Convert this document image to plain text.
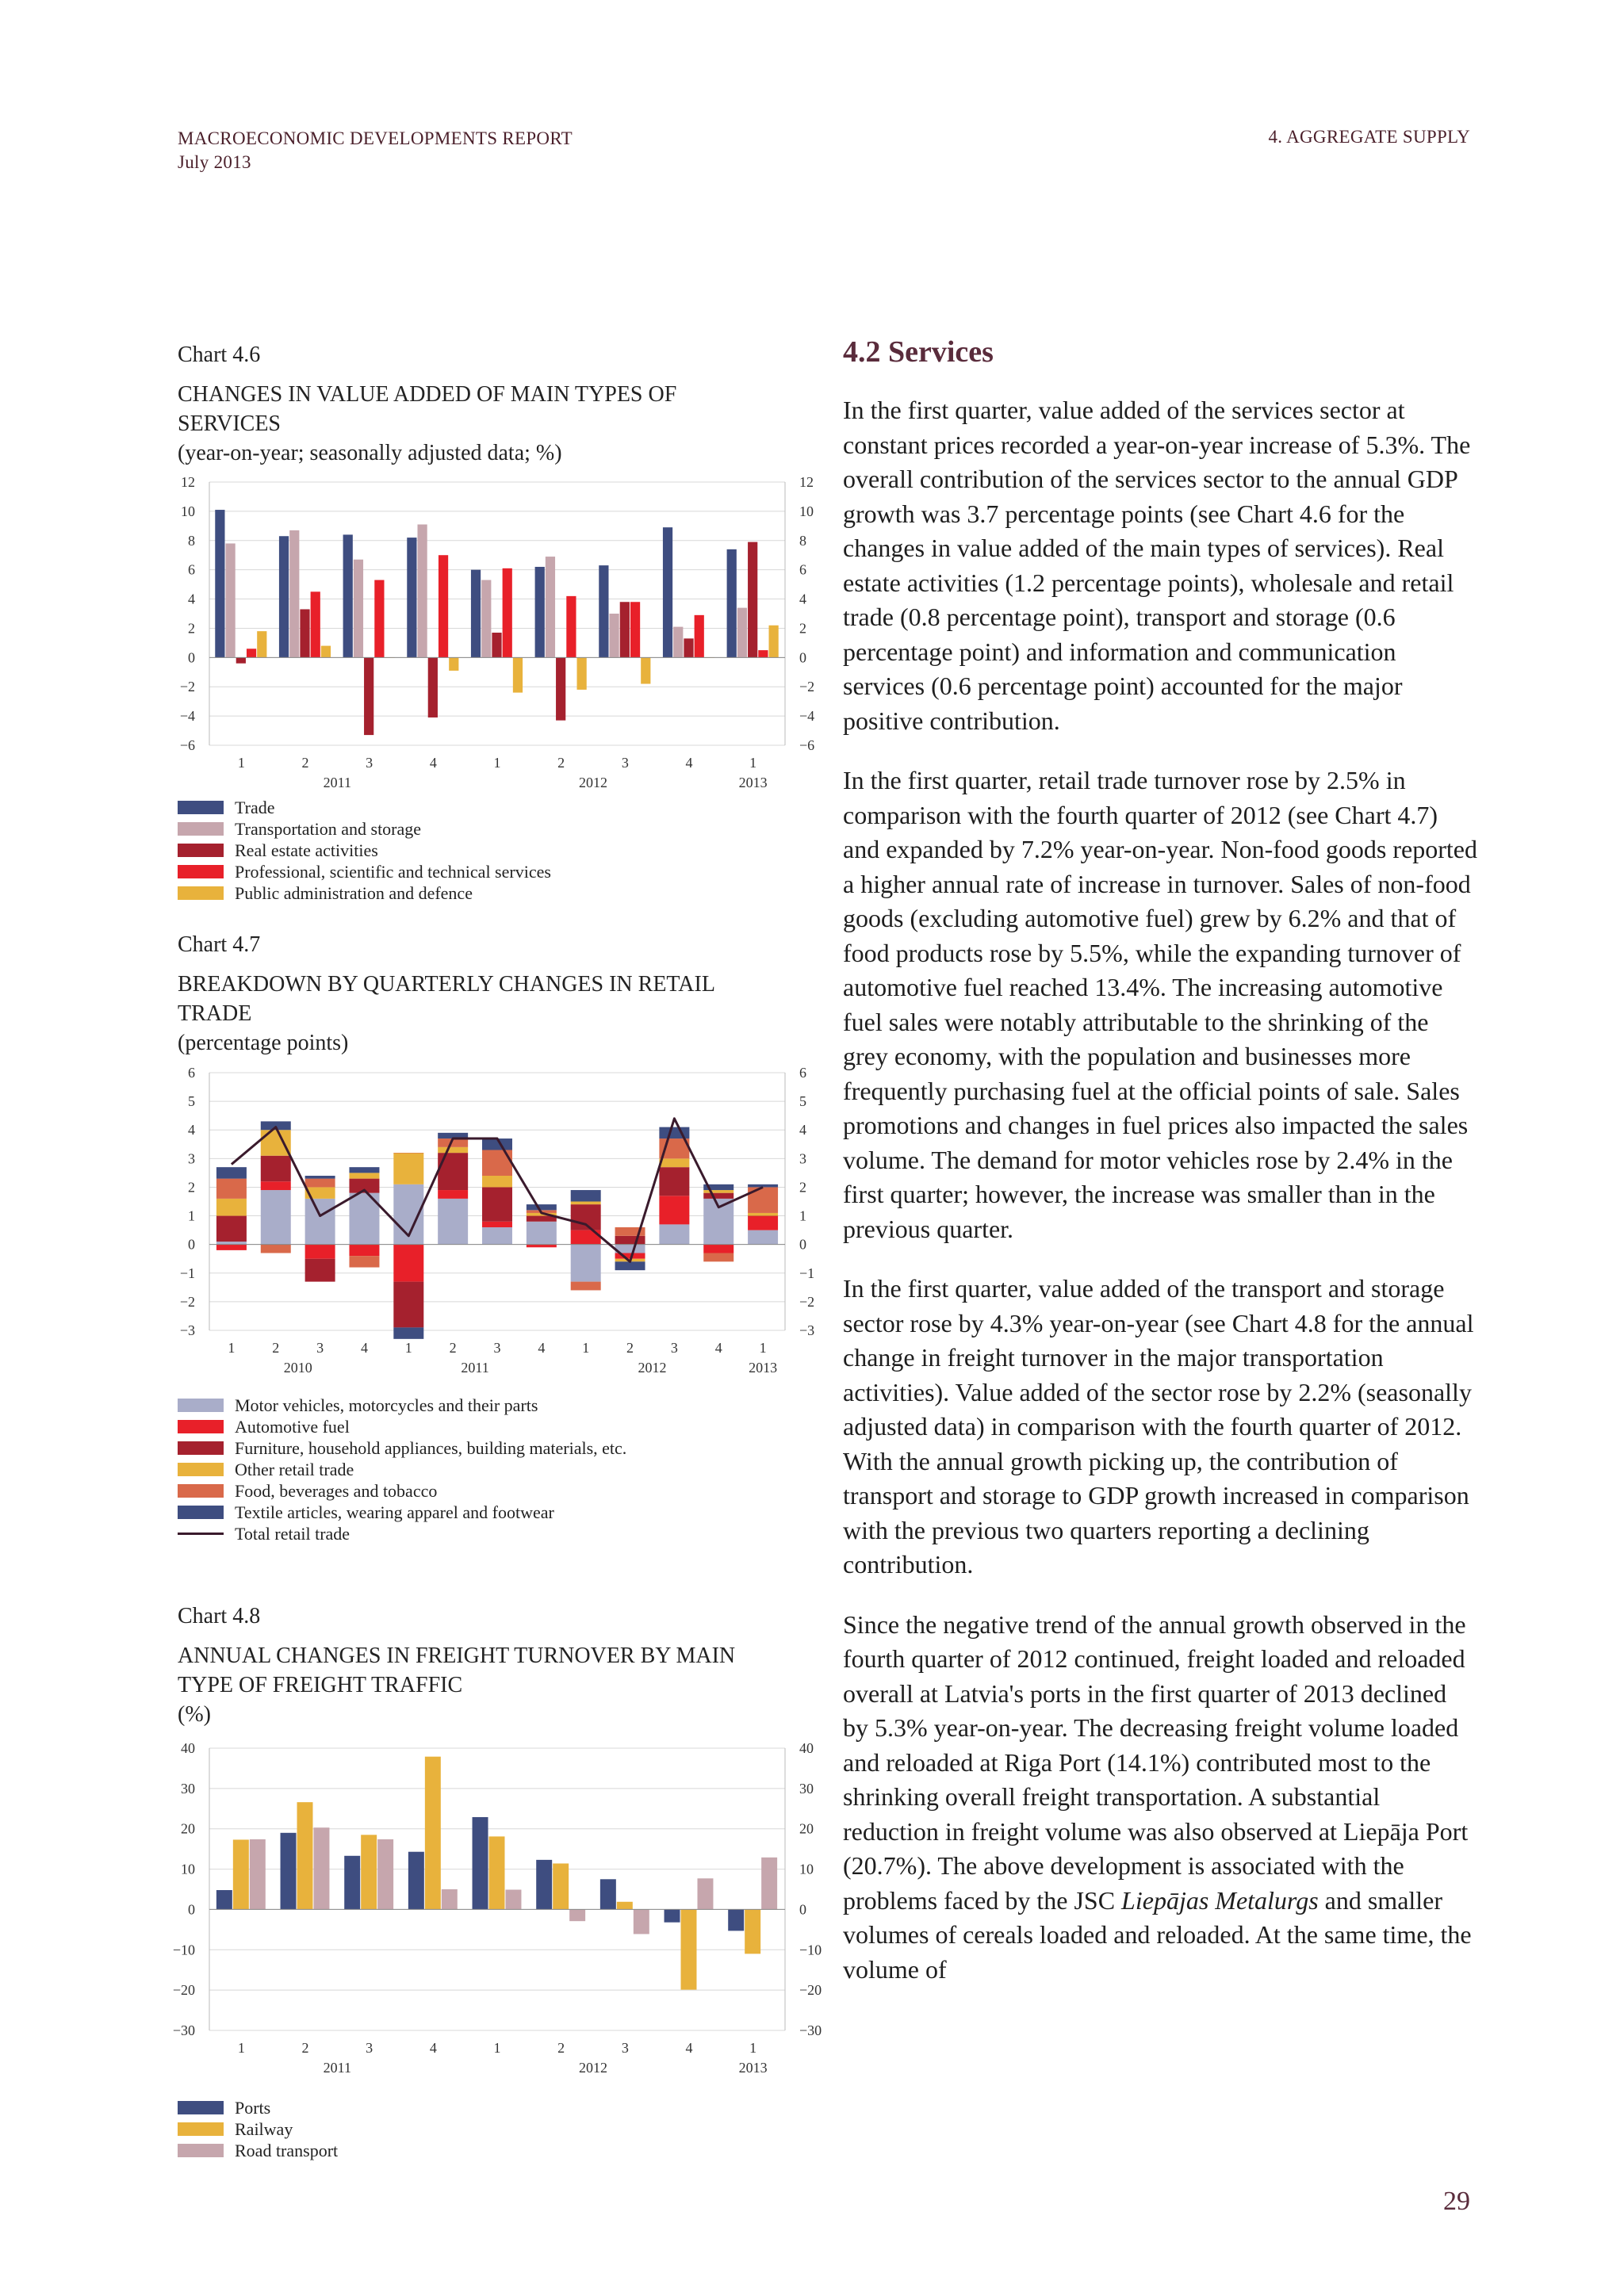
MACROECONOMIC DEVELOPMENTS REPORT
July 2013
4. AGGREGATE SUPPLY
Chart 4.6
CHANGES IN VALUE ADDED OF MAIN TYPES OF
SERVICES
(year-on-year; seasonally adjusted data; %)
−6	−6
−4	−4
−2	−2
0	0
2	2
4	4
6	6
8	8
10	10
12	12
1	2	3	4	1	2	3	4	1
2011	2012	2013
Trade
Transportation and storage
Real estate activities
Professional, scientific and technical services
Public administration and defence
Chart 4.7
BREAKDOWN BY QUARTERLY CHANGES IN RETAIL
TRADE
(percentage points)
−3	−3
−2	−2
−1	−1
0	0
1	1
2	2
3	3
4	4
5	5
6	6
1	2	3	4	1	2	3	4	1	2	3	4	1
2010	2011	2012	2013
Motor vehicles, motorcycles and their parts
Automotive fuel
Furniture, household appliances, building materials, etc.
Other retail trade
Food, beverages and tobacco
Textile articles, wearing apparel and footwear
Total retail trade
Chart 4.8
ANNUAL CHANGES IN FREIGHT TURNOVER BY MAIN
TYPE OF FREIGHT TRAFFIC
(%)
−30	−30
−20	−20
−10	−10
0	0
10	10
20	20
30	30
40	40
1	2	3	4	1	2	3	4	1
2011	2012	2013
Ports
Railway
Road transport
4.2 Services

In the first quarter, value added of the services sector at constant prices recorded a year-on-year increase of 5.3%. The overall contribution of the services sector to the annual GDP growth was 3.7 percentage points (see Chart 4.6 for the changes in value added of the main types of services). Real estate activities (1.2 percentage points), wholesale and retail trade (0.8 percentage point), transport and storage (0.6 percentage point) and information and communication services (0.6 percentage point) accounted for the major positive contribution.

In the first quarter, retail trade turnover rose by 2.5% in comparison with the fourth quarter of 2012 (see Chart 4.7) and expanded by 7.2% year-on-year. Non-food goods reported a higher annual rate of increase in turnover. Sales of non-food goods (excluding automotive fuel) grew by 6.2% and that of food products rose by 5.5%, while the expanding turnover of automotive fuel reached 13.4%. The increasing automotive fuel sales were notably attributable to the shrinking of the grey economy, with the population and businesses more frequently purchasing fuel at the official points of sale. Sales promotions and changes in fuel prices also impacted the sales volume. The demand for motor vehicles rose by 2.4% in the first quarter; however, the increase was smaller than in the previous quarter.

In the first quarter, value added of the transport and storage sector rose by 4.3% year-on-year (see Chart 4.8 for the annual change in freight turnover in the major transportation activities). Value added of the sector rose by 2.2% (seasonally adjusted data) in comparison with the fourth quarter of 2012. With the annual growth picking up, the contribution of transport and storage to GDP growth increased in comparison with the previous two quarters reporting a declining contribution.

Since the negative trend of the annual growth observed in the fourth quarter of 2012 continued, freight loaded and reloaded overall at Latvia's ports in the first quarter of 2013 declined by 5.3% year-on-year. The decreasing freight volume loaded and reloaded at Riga Port (14.1%) contributed most to the shrinking overall freight transportation. A substantial reduction in freight volume was also observed at Liepāja Port (20.7%). The above development is associated with the problems faced by the JSC Liepājas Metalurgs and smaller volumes of cereals loaded and reloaded. At the same time, the volume of

29
